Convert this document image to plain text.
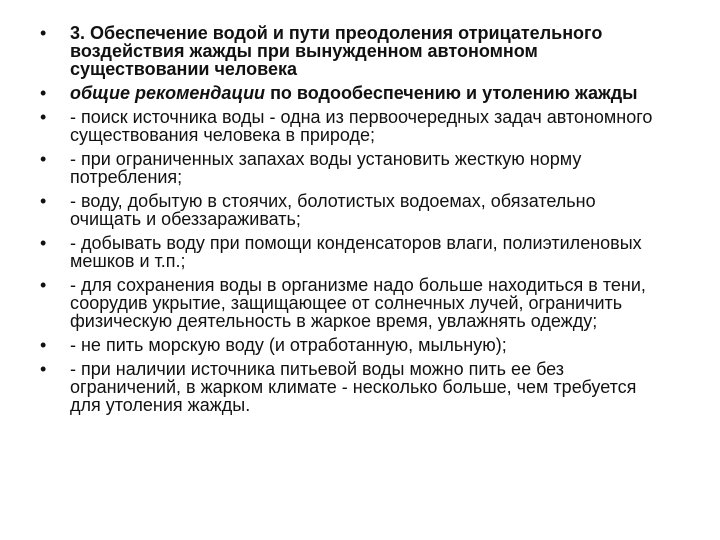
•	3. Обеспечение водой и пути преодоления отрицательного воздействия жажды при вынужденном автономном существовании человека
•	общие рекомендации по водообеспечению и утолению жажды
•	- поиск источника воды - одна из первоочередных задач автономного существования человека в природе;
•	- при ограниченных запахах воды установить жесткую норму потребления;
•	- воду, добытую в стоячих, болотистых водоемах, обязательно очищать и обеззараживать;
•	- добывать воду при помощи конденсаторов влаги, полиэтиленовых мешков и т.п.;
•	- для сохранения воды в организме надо больше находиться в тени, соорудив укрытие, защищающее от солнечных лучей, ограничить физическую деятельность в жаркое время, увлажнять одежду;
•	- не пить морскую воду (и отработанную, мыльную);
•	- при наличии источника питьевой воды можно пить ее без ограничений, в жарком климате - несколько больше, чем требуется для утоления жажды.
